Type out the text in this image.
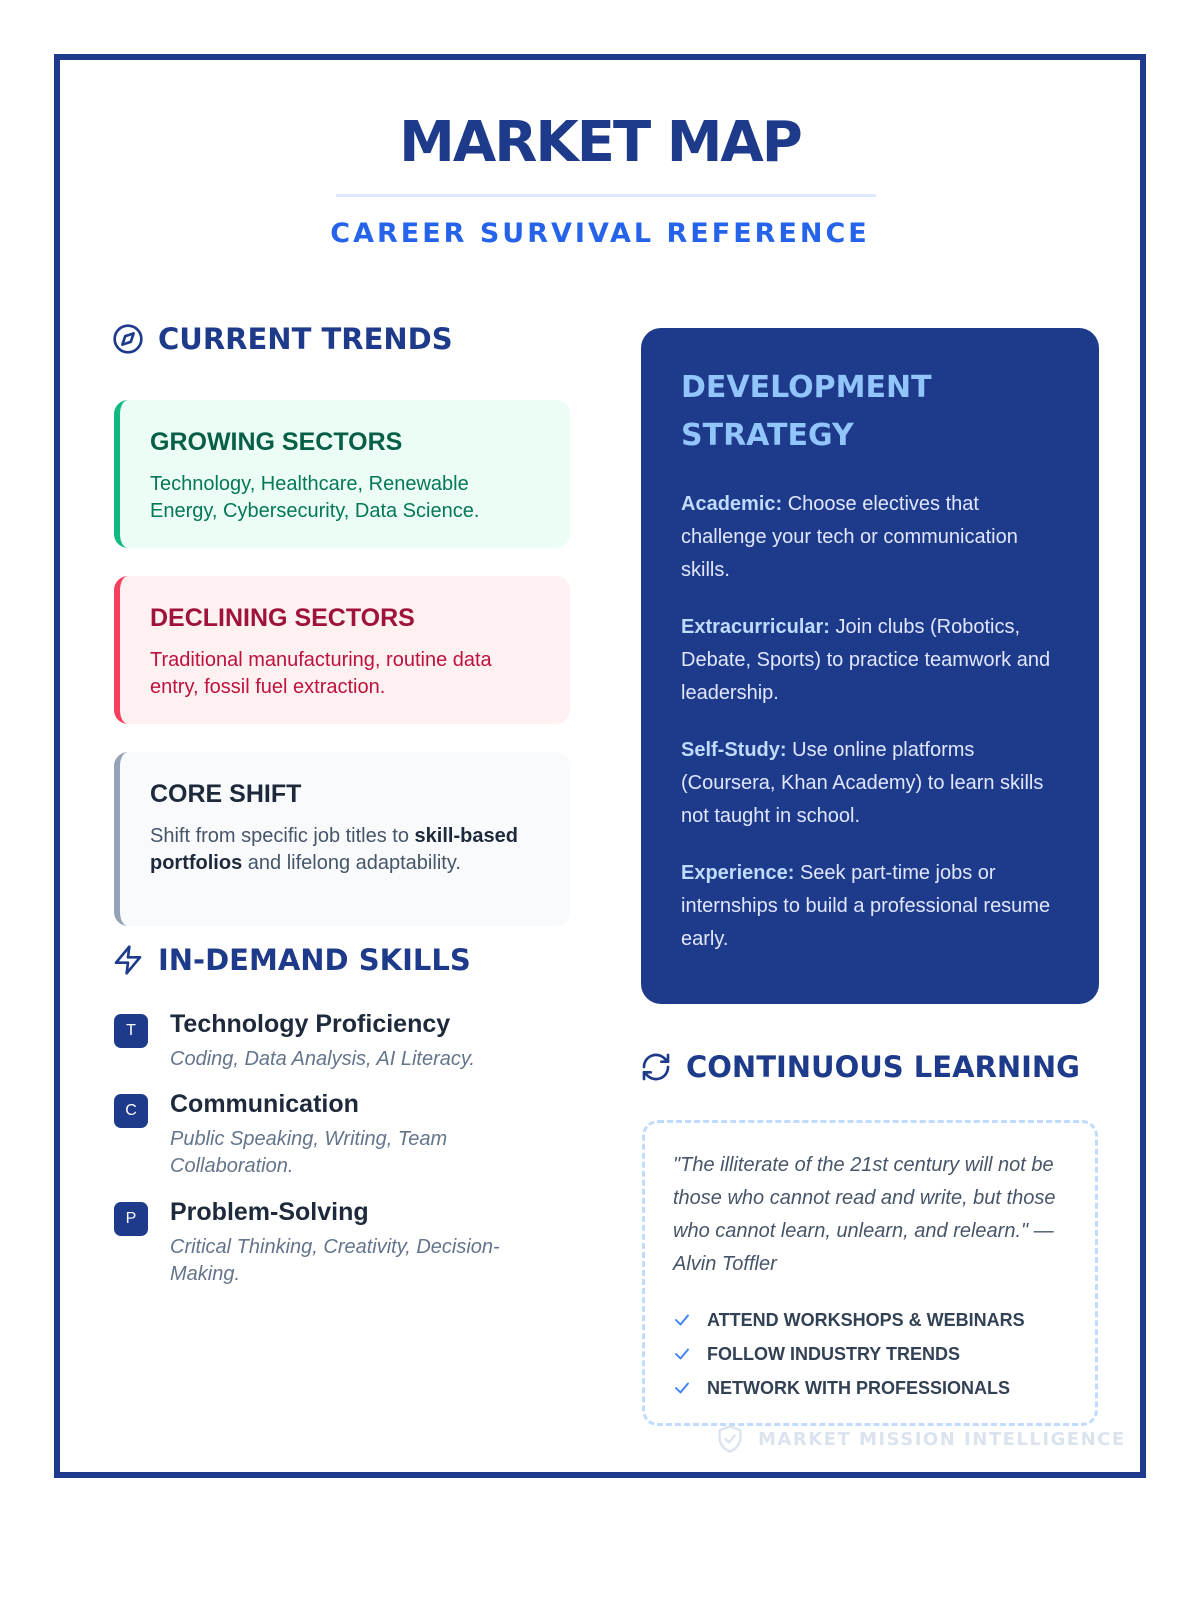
MARKET MAP
CAREER SURVIVAL REFERENCE
CURRENT TRENDS
GROWING SECTORS

Technology, Healthcare, Renewable Energy, Cybersecurity, Data Science.

DECLINING SECTORS

Traditional manufacturing, routine data entry, fossil fuel extraction.

CORE SHIFT

Shift from specific job titles to skill-based portfolios and lifelong adaptability.

IN-DEMAND SKILLS
T	Technology Proficiency
Coding, Data Analysis, AI Literacy.
C	Communication
Public Speaking, Writing, Team Collaboration.
P	Problem-Solving
Critical Thinking, Creativity, Decision-Making.
DEVELOPMENT
STRATEGY

Academic: Choose electives that challenge your tech or communication skills.

Extracurricular: Join clubs (Robotics, Debate, Sports) to practice teamwork and leadership.

Self-Study: Use online platforms (Coursera, Khan Academy) to learn skills not taught in school.

Experience: Seek part-time jobs or internships to build a professional resume early.

CONTINUOUS LEARNING

"The illiterate of the 21st century will not be those who cannot read and write, but those who cannot learn, unlearn, and relearn." — Alvin Toffler

ATTEND WORKSHOPS & WEBINARS
FOLLOW INDUSTRY TRENDS
NETWORK WITH PROFESSIONALS
MARKET MISSION INTELLIGENCE
